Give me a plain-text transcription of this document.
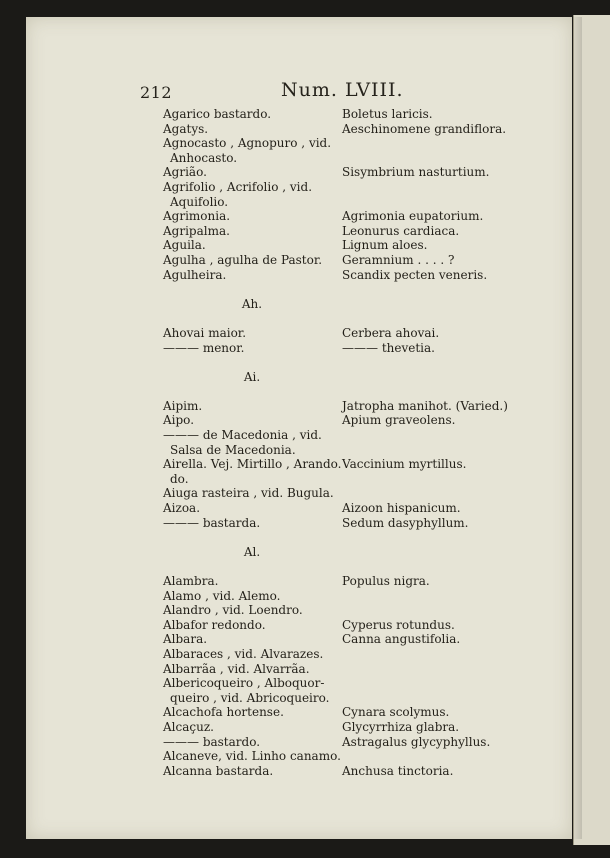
212	Num. LVIII.
Agarico bastardo.
Agatys.
Agnocasto , Agnopuro , vid.
Anhocasto.
Agrião.
Agrifolio , Acrifolio , vid.
Aquifolio.
Agrimonia.
Agripalma.
Aguila.
Agulha , agulha de Pastor.
Agulheira.
Ah.
Ahovai maior.
——— menor.
Ai.
Aipim.
Aipo.
——— de Macedonia , vid.
Salsa de Macedonia.
Airella. Vej. Mirtillo , Arando.
do.
Aiuga rasteira , vid. Bugula.
Aizoa.
——— bastarda.
Al.
Alambra.
Alamo , vid. Alemo.
Alandro , vid. Loendro.
Albafor redondo.
Albara.
Albaraces , vid. Alvarazes.
Albarrãa , vid. Alvarrãa.
Albericoqueiro , Alboquor-
queiro , vid. Abricoqueiro.
Alcachofa hortense.
Alcaçuz.
——— bastardo.
Alcaneve, vid. Linho canamo.
Alcanna bastarda.
Boletus laricis.
Aeschinomene grandiflora.
Sisymbrium nasturtium.
Agrimonia eupatorium.
Leonurus cardiaca.
Lignum aloes.
Geramnium . . . . ?
Scandix pecten veneris.
Cerbera ahovai.
——— thevetia.
Jatropha manihot. (Varied.)
Apium graveolens.
Vaccinium myrtillus.
Aizoon hispanicum.
Sedum dasyphyllum.
Populus nigra.
Cyperus rotundus.
Canna angustifolia.
Cynara scolymus.
Glycyrrhiza glabra.
Astragalus glycyphyllus.
Anchusa tinctoria.
